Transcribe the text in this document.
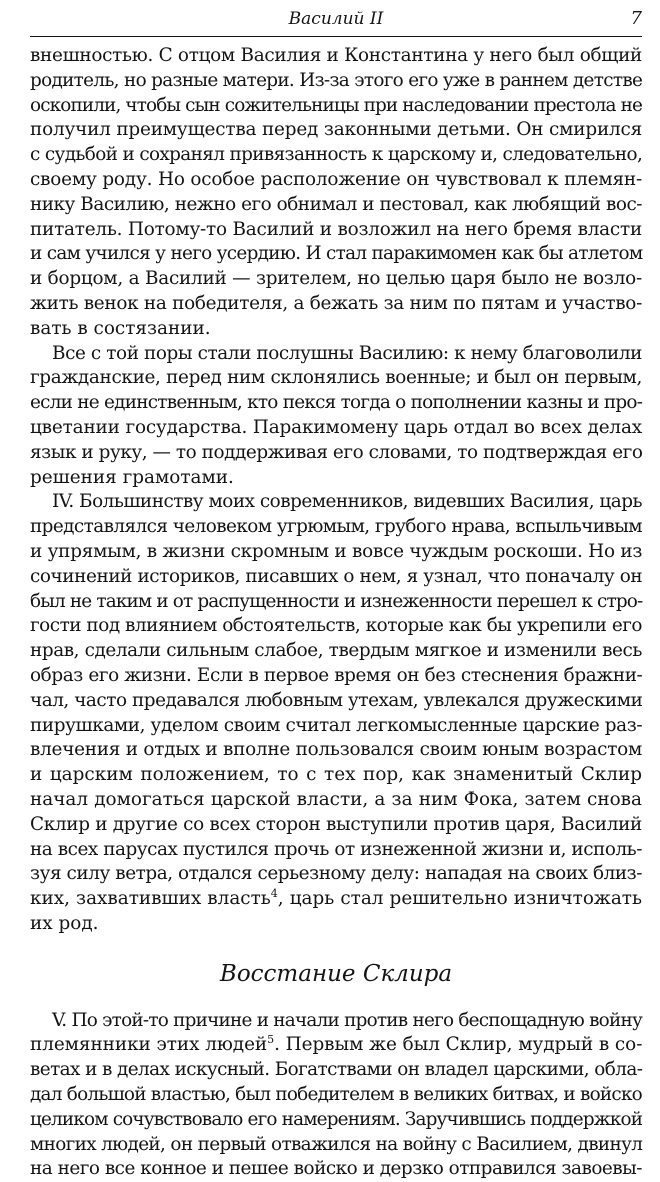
Василий II	7
внешностью. С отцом Василия и Константина у него был общий
родитель, но разные матери. Из-за этого его уже в раннем детстве
оскопили, чтобы сын сожительницы при наследовании престола не
получил преимущества перед законными детьми. Он смирился
с судьбой и сохранял привязанность к царскому и, следовательно,
своему роду. Но особое расположение он чувствовал к племян-
нику Василию, нежно его обнимал и пестовал, как любящий вос-
питатель. Потому-то Василий и возложил на него бремя власти
и сам учился у него усердию. И стал паракимомен как бы атлетом
и борцом, а Василий — зрителем, но целью царя было не возло-
жить венок на победителя, а бежать за ним по пятам и участво-
вать в состязании.
Все с той поры стали послушны Василию: к нему благоволили
гражданские, перед ним склонялись военные; и был он первым,
если не единственным, кто пекся тогда о пополнении казны и про-
цветании государства. Паракимомену царь отдал во всех делах
язык и руку, — то поддерживая его словами, то подтверждая его
решения грамотами.
IV. Большинству моих современников, видевших Василия, царь
представлялся человеком угрюмым, грубого нрава, вспыльчивым
и упрямым, в жизни скромным и вовсе чуждым роскоши. Но из
сочинений историков, писавших о нем, я узнал, что поначалу он
был не таким и от распущенности и изнеженности перешел к стро-
гости под влиянием обстоятельств, которые как бы укрепили его
нрав, сделали сильным слабое, твердым мягкое и изменили весь
образ его жизни. Если в первое время он без стеснения бражни-
чал, часто предавался любовным утехам, увлекался дружескими
пирушками, уделом своим считал легкомысленные царские раз-
влечения и отдых и вполне пользовался своим юным возрастом
и царским положением, то с тех пор, как знаменитый Склир
начал домогаться царской власти, а за ним Фока, затем снова
Склир и другие со всех сторон выступили против царя, Василий
на всех парусах пустился прочь от изнеженной жизни и, исполь-
зуя силу ветра, отдался серьезному делу: нападая на своих близ-
ких, захвативших власть$^4$, царь стал решительно изничтожать
их род.
Восстание Склира
V. По этой-то причине и начали против него беспощадную войну
племянники этих людей$^5$. Первым же был Склир, мудрый в со-
ветах и в делах искусный. Богатствами он владел царскими, обла-
дал большой властью, был победителем в великих битвах, и войско
целиком сочувствовало его намерениям. Заручившись поддержкой
многих людей, он первый отважился на войну с Василием, двинул
на него все конное и пешее войско и дерзко отправился завоевы-
